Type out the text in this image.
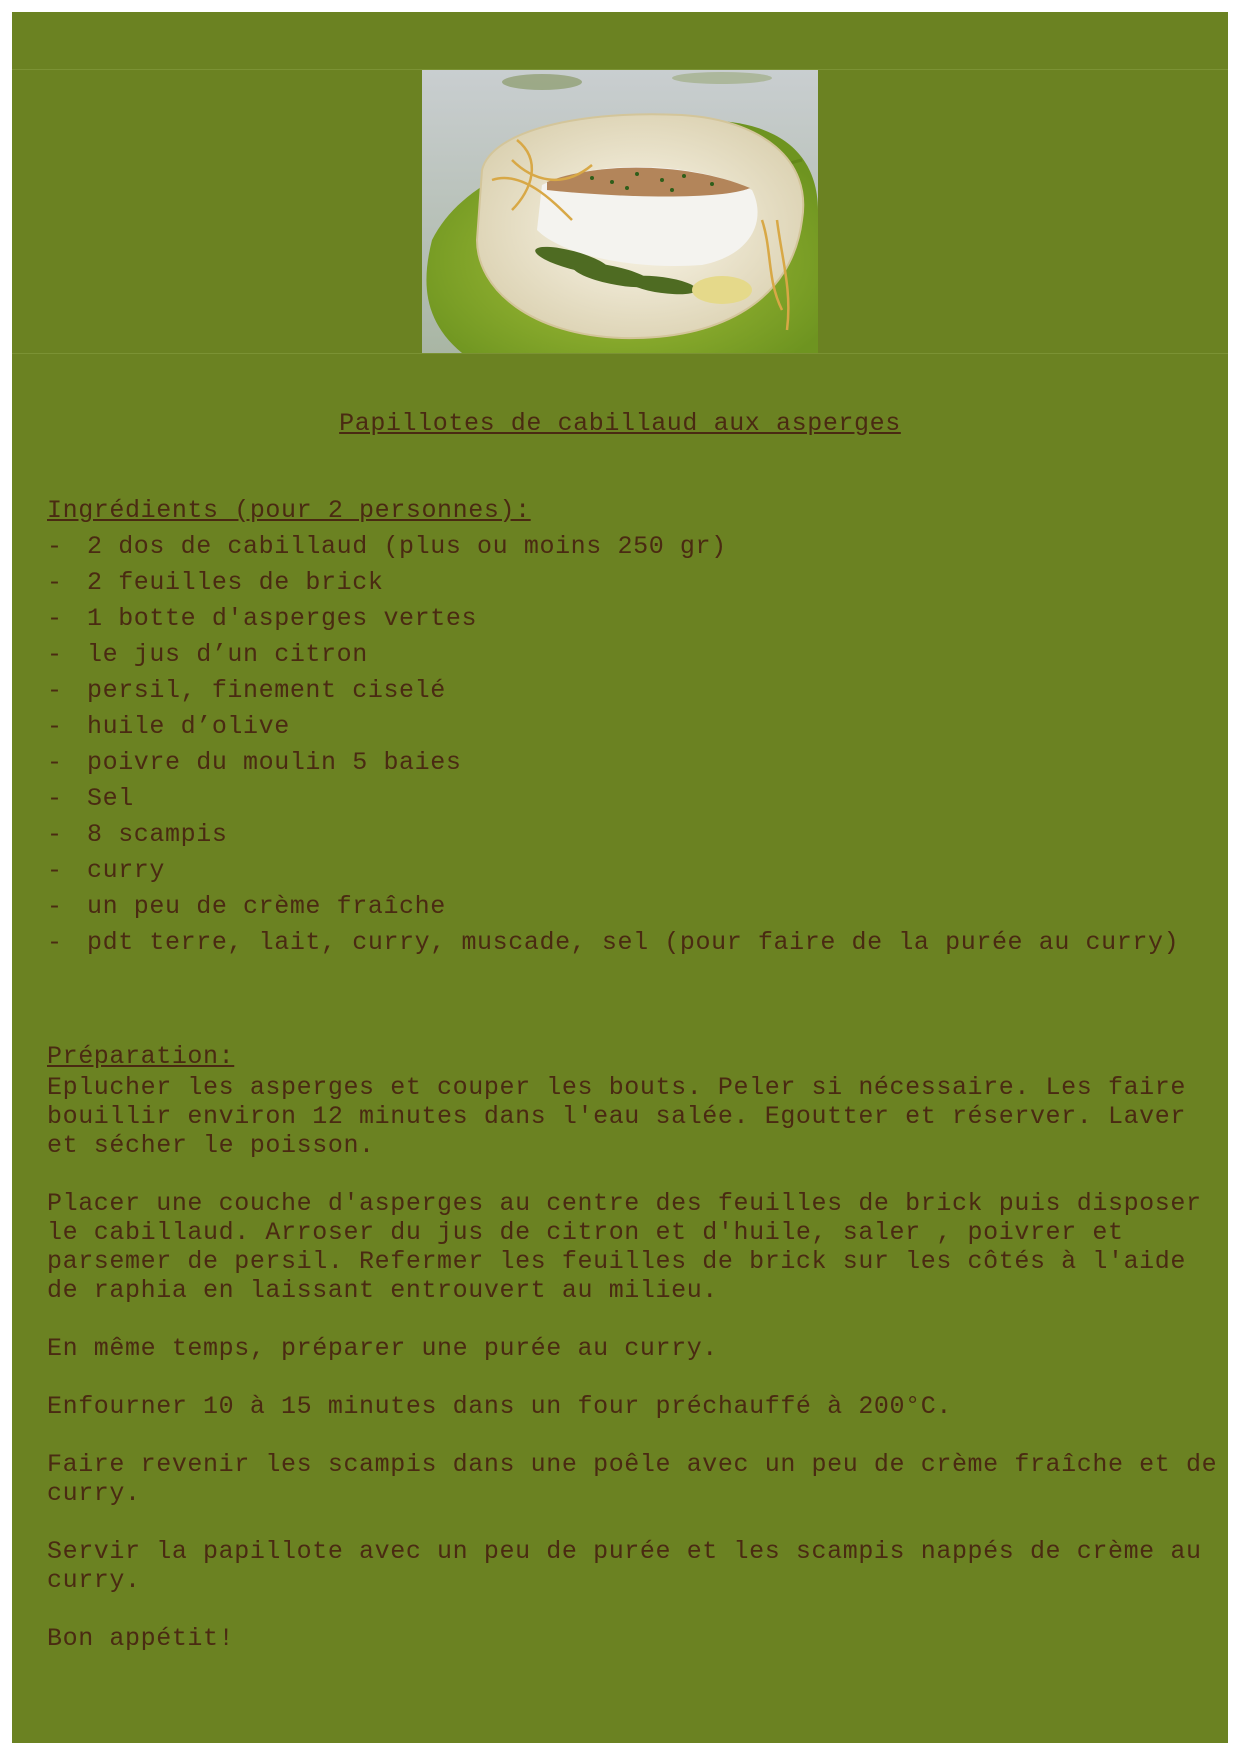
Papillotes de cabillaud aux asperges
Ingrédients (pour 2 personnes):
- 2 dos de cabillaud (plus ou moins 250 gr)
- 2 feuilles de brick
- 1 botte d'asperges vertes
- le jus d’un citron
- persil, finement ciselé
- huile d’olive
- poivre du moulin 5 baies
- Sel
- 8 scampis
- curry
- un peu de crème fraîche
- pdt terre, lait, curry, muscade, sel (pour faire de la purée au curry)
Préparation:

Eplucher les asperges et couper les bouts. Peler si nécessaire. Les faire bouillir environ 12 minutes dans l'eau salée. Egoutter et réserver. Laver et sécher le poisson.

Placer une couche d'asperges au centre des feuilles de brick puis disposer le cabillaud. Arroser du jus de citron et d'huile, saler , poivrer et parsemer de persil. Refermer les feuilles de brick sur les côtés à l'aide de raphia en laissant entrouvert au milieu.

En même temps, préparer une purée au curry.

Enfourner 10 à 15 minutes dans un four préchauffé à 200°C.

Faire revenir les scampis dans une poêle avec un peu de crème fraîche et de curry.

Servir la papillote avec un peu de purée et les scampis nappés de crème au curry.

Bon appétit!
